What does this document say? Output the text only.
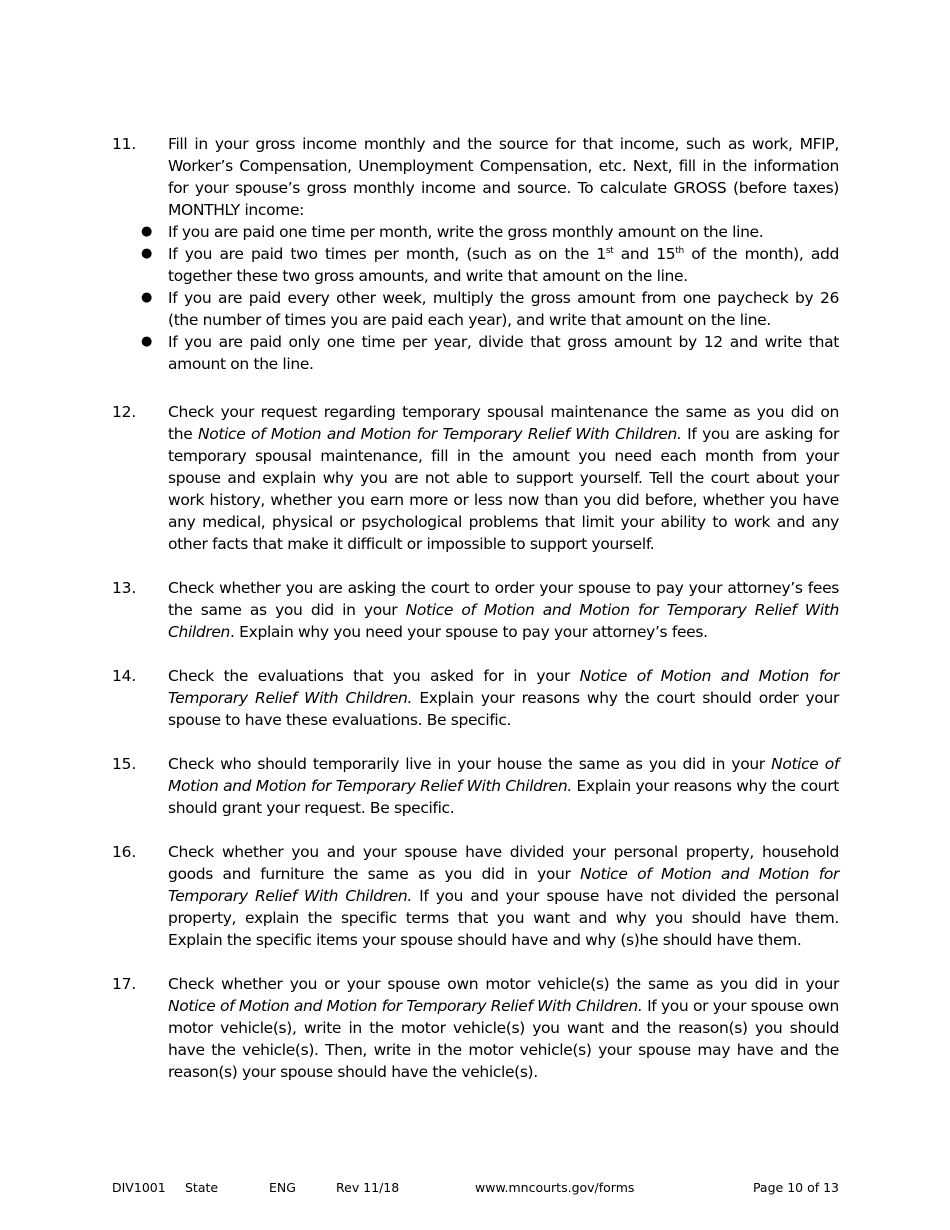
11. Fill in your gross income monthly and the source for that income, such as work, MFIP, Worker’s Compensation, Unemployment Compensation, etc. Next, fill in the information for your spouse’s gross monthly income and source. To calculate GROSS (before taxes) MONTHLY income:
● If you are paid one time per month, write the gross monthly amount on the line.
● If you are paid two times per month, (such as on the 1st and 15th of the month), add together these two gross amounts, and write that amount on the line.
● If you are paid every other week, multiply the gross amount from one paycheck by 26 (the number of times you are paid each year), and write that amount on the line.
● If you are paid only one time per year, divide that gross amount by 12 and write that amount on the line.
12. Check your request regarding temporary spousal maintenance the same as you did on the Notice of Motion and Motion for Temporary Relief With Children. If you are asking for temporary spousal maintenance, fill in the amount you need each month from your spouse and explain why you are not able to support yourself. Tell the court about your work history, whether you earn more or less now than you did before, whether you have any medical, physical or psychological problems that limit your ability to work and any other facts that make it difficult or impossible to support yourself.
13. Check whether you are asking the court to order your spouse to pay your attorney’s fees the same as you did in your Notice of Motion and Motion for Temporary Relief With Children. Explain why you need your spouse to pay your attorney’s fees.
14. Check the evaluations that you asked for in your Notice of Motion and Motion for Temporary Relief With Children. Explain your reasons why the court should order your spouse to have these evaluations. Be specific.
15. Check who should temporarily live in your house the same as you did in your Notice of Motion and Motion for Temporary Relief With Children. Explain your reasons why the court should grant your request. Be specific.
16. Check whether you and your spouse have divided your personal property, household goods and furniture the same as you did in your Notice of Motion and Motion for Temporary Relief With Children. If you and your spouse have not divided the personal property, explain the specific terms that you want and why you should have them. Explain the specific items your spouse should have and why (s)he should have them.
17. Check whether you or your spouse own motor vehicle(s) the same as you did in your Notice of Motion and Motion for Temporary Relief With Children. If you or your spouse own motor vehicle(s), write in the motor vehicle(s) you want and the reason(s) you should have the vehicle(s). Then, write in the motor vehicle(s) your spouse may have and the reason(s) your spouse should have the vehicle(s).
DIV1001 State	ENG	Rev 11/18	www.mncourts.gov/forms	Page 10 of 13
